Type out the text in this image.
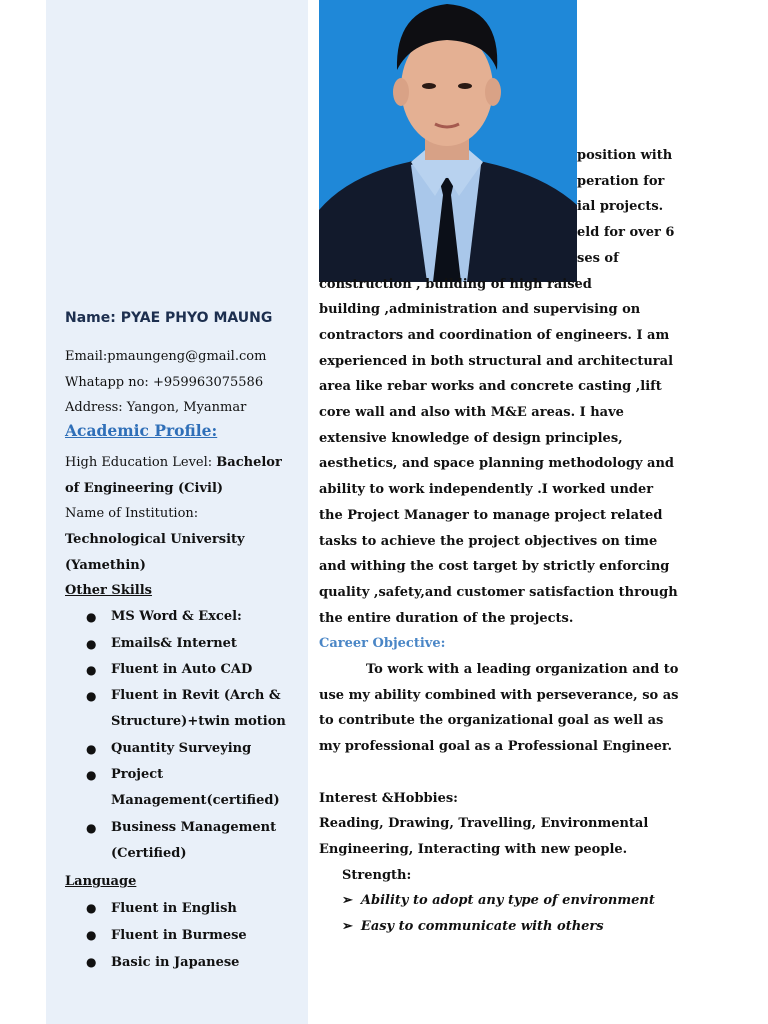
Name: PYAE PHYO MAUNG
Email:pmaungeng@gmail.com
Whatapp no: +959963075586
Address: Yangon, Myanmar
Academic Profile:
High Education Level: Bachelor
of Engineering (Civil)
Name of Institution:
Technological University
(Yamethin)
Other Skills
● MS Word & Excel:
● Emails& Internet
● Fluent in Auto CAD
● Fluent in Revit (Arch &
Structure)+twin motion
● Quantity Surveying
● Project
Management(certified)
● Business Management
(Certified)
Language
● Fluent in English
● Fluent in Burmese
● Basic in Japanese
position with
peration for
ial projects.
eld for over 6
ses of
construction , building of high raised
building ,administration and supervising on
contractors and coordination of engineers. I am
experienced in both structural and architectural
area like rebar works and concrete casting ,lift
core wall and also with M&E areas. I have
extensive knowledge of design principles,
aesthetics, and space planning methodology and
ability to work independently .I worked under
the Project Manager to manage project related
tasks to achieve the project objectives on time
and withing the cost target by strictly enforcing
quality ,safety,and customer satisfaction through
the entire duration of the projects.
Career Objective:
To work with a leading organization and to
use my ability combined with perseverance, so as
to contribute the organizational goal as well as
my professional goal as a Professional Engineer.
Interest &Hobbies:
Reading, Drawing, Travelling, Environmental
Engineering, Interacting with new people.
Strength:
➢ Ability to adopt any type of environment
➢ Easy to communicate with others
